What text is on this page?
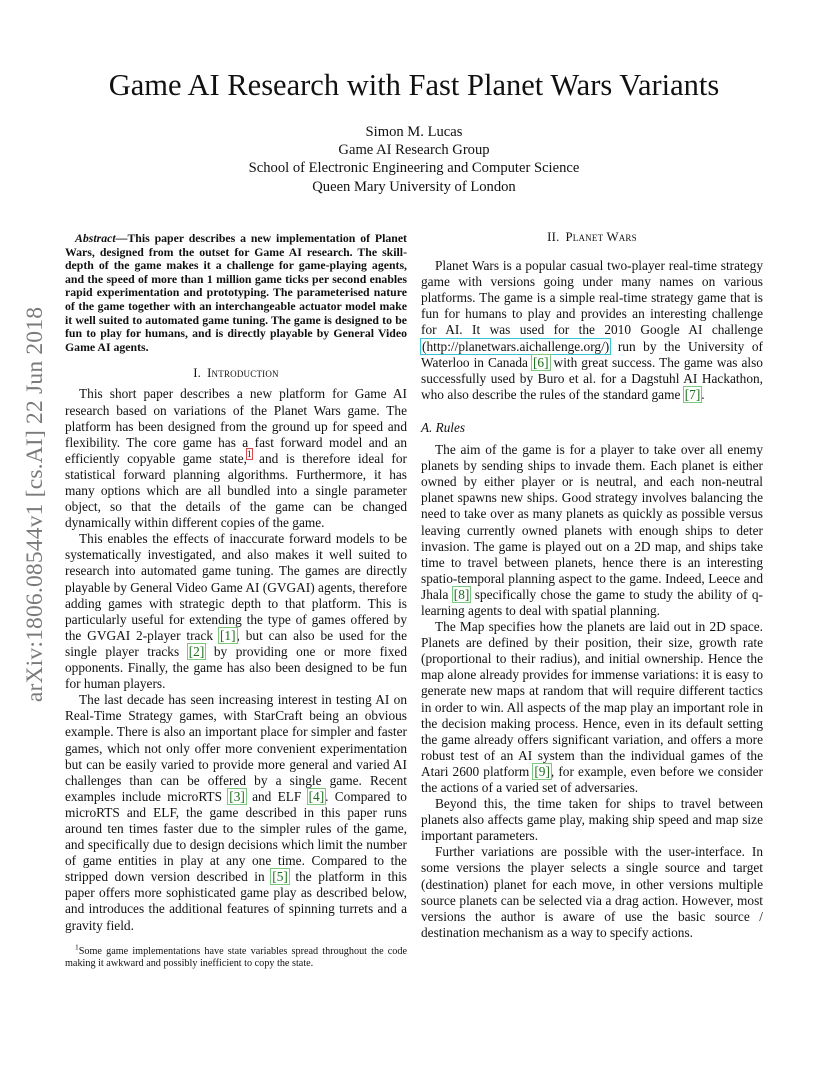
arXiv:1806.08544v1 [cs.AI] 22 Jun 2018
Game AI Research with Fast Planet Wars Variants
Simon M. Lucas
Game AI Research Group
School of Electronic Engineering and Computer Science
Queen Mary University of London

Abstract—This paper describes a new implementation of Planet Wars, designed from the outset for Game AI research. The skill-depth of the game makes it a challenge for game-playing agents, and the speed of more than 1 million game ticks per second enables rapid experimentation and prototyping. The parameterised nature of the game together with an interchangeable actuator model make it well suited to automated game tuning. The game is designed to be fun to play for humans, and is directly playable by General Video Game AI agents.

I. Introduction

This short paper describes a new platform for Game AI research based on variations of the Planet Wars game. The platform has been designed from the ground up for speed and flexibility. The core game has a fast forward model and an efficiently copyable game state,$^1$ and is therefore ideal for statistical forward planning algorithms. Furthermore, it has many options which are all bundled into a single parameter object, so that the details of the game can be changed dynamically within different copies of the game.

This enables the effects of inaccurate forward models to be systematically investigated, and also makes it well suited to research into automated game tuning. The games are directly playable by General Video Game AI (GVGAI) agents, therefore adding games with strategic depth to that platform. This is particularly useful for extending the type of games offered by the GVGAI 2-player track [1], but can also be used for the single player tracks [2] by providing one or more fixed opponents. Finally, the game has also been designed to be fun for human players.

The last decade has seen increasing interest in testing AI on Real-Time Strategy games, with StarCraft being an obvious example. There is also an important place for simpler and faster games, which not only offer more convenient experimentation but can be easily varied to provide more general and varied AI challenges than can be offered by a single game. Recent examples include microRTS [3] and ELF [4]. Compared to microRTS and ELF, the game described in this paper runs around ten times faster due to the simpler rules of the game, and specifically due to design decisions which limit the number of game entities in play at any one time. Compared to the stripped down version described in [5] the platform in this paper offers more sophisticated game play as described below, and introduces the additional features of spinning turrets and a gravity field.

$^1$Some game implementations have state variables spread throughout the code making it awkward and possibly inefficient to copy the state.
II. Planet Wars

Planet Wars is a popular casual two-player real-time strategy game with versions going under many names on various platforms. The game is a simple real-time strategy game that is fun for humans to play and provides an interesting challenge for AI. It was used for the 2010 Google AI challenge (http://planetwars.aichallenge.org/) run by the University of Waterloo in Canada [6] with great success. The game was also successfully used by Buro et al. for a Dagstuhl AI Hackathon, who also describe the rules of the standard game [7].

A. Rules

The aim of the game is for a player to take over all enemy planets by sending ships to invade them. Each planet is either owned by either player or is neutral, and each non-neutral planet spawns new ships. Good strategy involves balancing the need to take over as many planets as quickly as possible versus leaving currently owned planets with enough ships to deter invasion. The game is played out on a 2D map, and ships take time to travel between planets, hence there is an interesting spatio-temporal planning aspect to the game. Indeed, Leece and Jhala [8] specifically chose the game to study the ability of q-learning agents to deal with spatial planning.

The Map specifies how the planets are laid out in 2D space. Planets are defined by their position, their size, growth rate (proportional to their radius), and initial ownership. Hence the map alone already provides for immense variations: it is easy to generate new maps at random that will require different tactics in order to win. All aspects of the map play an important role in the decision making process. Hence, even in its default setting the game already offers significant variation, and offers a more robust test of an AI system than the individual games of the Atari 2600 platform [9], for example, even before we consider the actions of a varied set of adversaries.

Beyond this, the time taken for ships to travel between planets also affects game play, making ship speed and map size important parameters.

Further variations are possible with the user-interface. In some versions the player selects a single source and target (destination) planet for each move, in other versions multiple source planets can be selected via a drag action. However, most versions the author is aware of use the basic source / destination mechanism as a way to specify actions.
